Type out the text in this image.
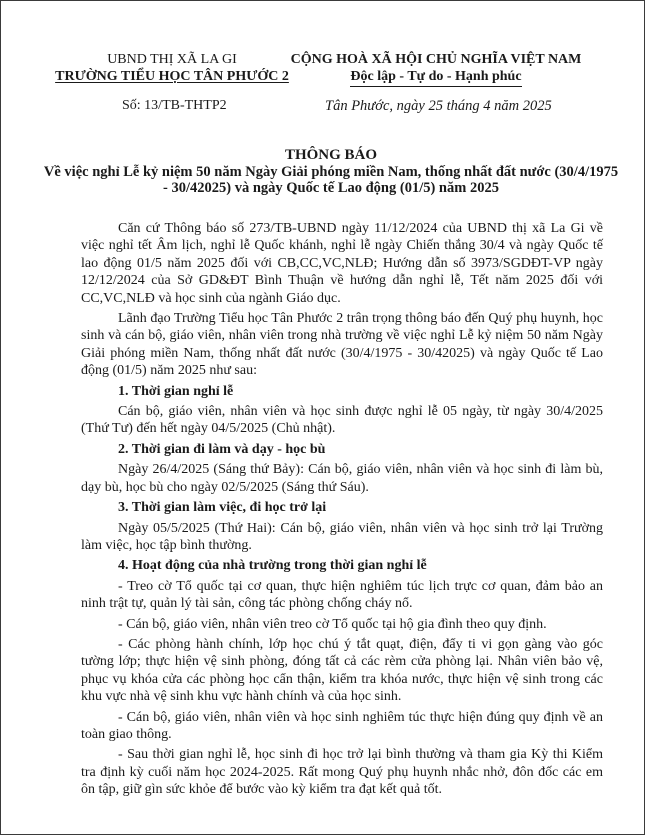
UBND THỊ XÃ LA GI
TRƯỜNG TIỂU HỌC TÂN PHƯỚC 2
CỘNG HOÀ XÃ HỘI CHỦ NGHĨA VIỆT NAM
Độc lập - Tự do - Hạnh phúc
Số: 13/TB-THTP2	Tân Phước, ngày 25 tháng 4 năm 2025
THÔNG BÁO
Về việc nghỉ Lễ kỷ niệm 50 năm Ngày Giải phóng miền Nam, thống nhất đất nước (30/4/1975 - 30/42025) và ngày Quốc tế Lao động (01/5) năm 2025

Căn cứ Thông báo số 273/TB-UBND ngày 11/12/2024 của UBND thị xã La Gi về việc nghỉ tết Âm lịch, nghỉ lễ Quốc khánh, nghỉ lễ ngày Chiến thắng 30/4 và ngày Quốc tế lao động 01/5 năm 2025 đối với CB,CC,VC,NLĐ; Hướng dẫn số 3973/SGDĐT-VP ngày 12/12/2024 của Sở GD&ĐT Bình Thuận về hướng dẫn nghỉ lễ, Tết năm 2025 đối với CC,VC,NLĐ và học sinh của ngành Giáo dục.

Lãnh đạo Trường Tiểu học Tân Phước 2 trân trọng thông báo đến Quý phụ huynh, học sinh và cán bộ, giáo viên, nhân viên trong nhà trường về việc nghỉ Lễ kỷ niệm 50 năm Ngày Giải phóng miền Nam, thống nhất đất nước (30/4/1975 - 30/42025) và ngày Quốc tế Lao động (01/5) năm 2025 như sau:

1. Thời gian nghỉ lễ

Cán bộ, giáo viên, nhân viên và học sinh được nghỉ lễ 05 ngày, từ ngày 30/4/2025 (Thứ Tư) đến hết ngày 04/5/2025 (Chủ nhật).

2. Thời gian đi làm và dạy - học bù

Ngày 26/4/2025 (Sáng thứ Bảy): Cán bộ, giáo viên, nhân viên và học sinh đi làm bù, dạy bù, học bù cho ngày 02/5/2025 (Sáng thứ Sáu).

3. Thời gian làm việc, đi học trở lại

Ngày 05/5/2025 (Thứ Hai): Cán bộ, giáo viên, nhân viên và học sinh trở lại Trường làm việc, học tập bình thường.

4. Hoạt động của nhà trường trong thời gian nghỉ lễ

- Treo cờ Tổ quốc tại cơ quan, thực hiện nghiêm túc lịch trực cơ quan, đảm bảo an ninh trật tự, quản lý tài sản, công tác phòng chống cháy nổ.

- Cán bộ, giáo viên, nhân viên treo cờ Tổ quốc tại hộ gia đình theo quy định.

- Các phòng hành chính, lớp học chú ý tắt quạt, điện, đẩy ti vi gọn gàng vào góc tường lớp; thực hiện vệ sinh phòng, đóng tất cả các rèm cửa phòng lại. Nhân viên bảo vệ, phục vụ khóa cửa các phòng học cẩn thận, kiểm tra khóa nước, thực hiện vệ sinh trong các khu vực nhà vệ sinh khu vực hành chính và của học sinh.

- Cán bộ, giáo viên, nhân viên và học sinh nghiêm túc thực hiện đúng quy định về an toàn giao thông.

- Sau thời gian nghỉ lễ, học sinh đi học trở lại bình thường và tham gia Kỳ thi Kiểm tra định kỳ cuối năm học 2024-2025. Rất mong Quý phụ huynh nhắc nhở, đôn đốc các em ôn tập, giữ gìn sức khỏe để bước vào kỳ kiểm tra đạt kết quả tốt.
